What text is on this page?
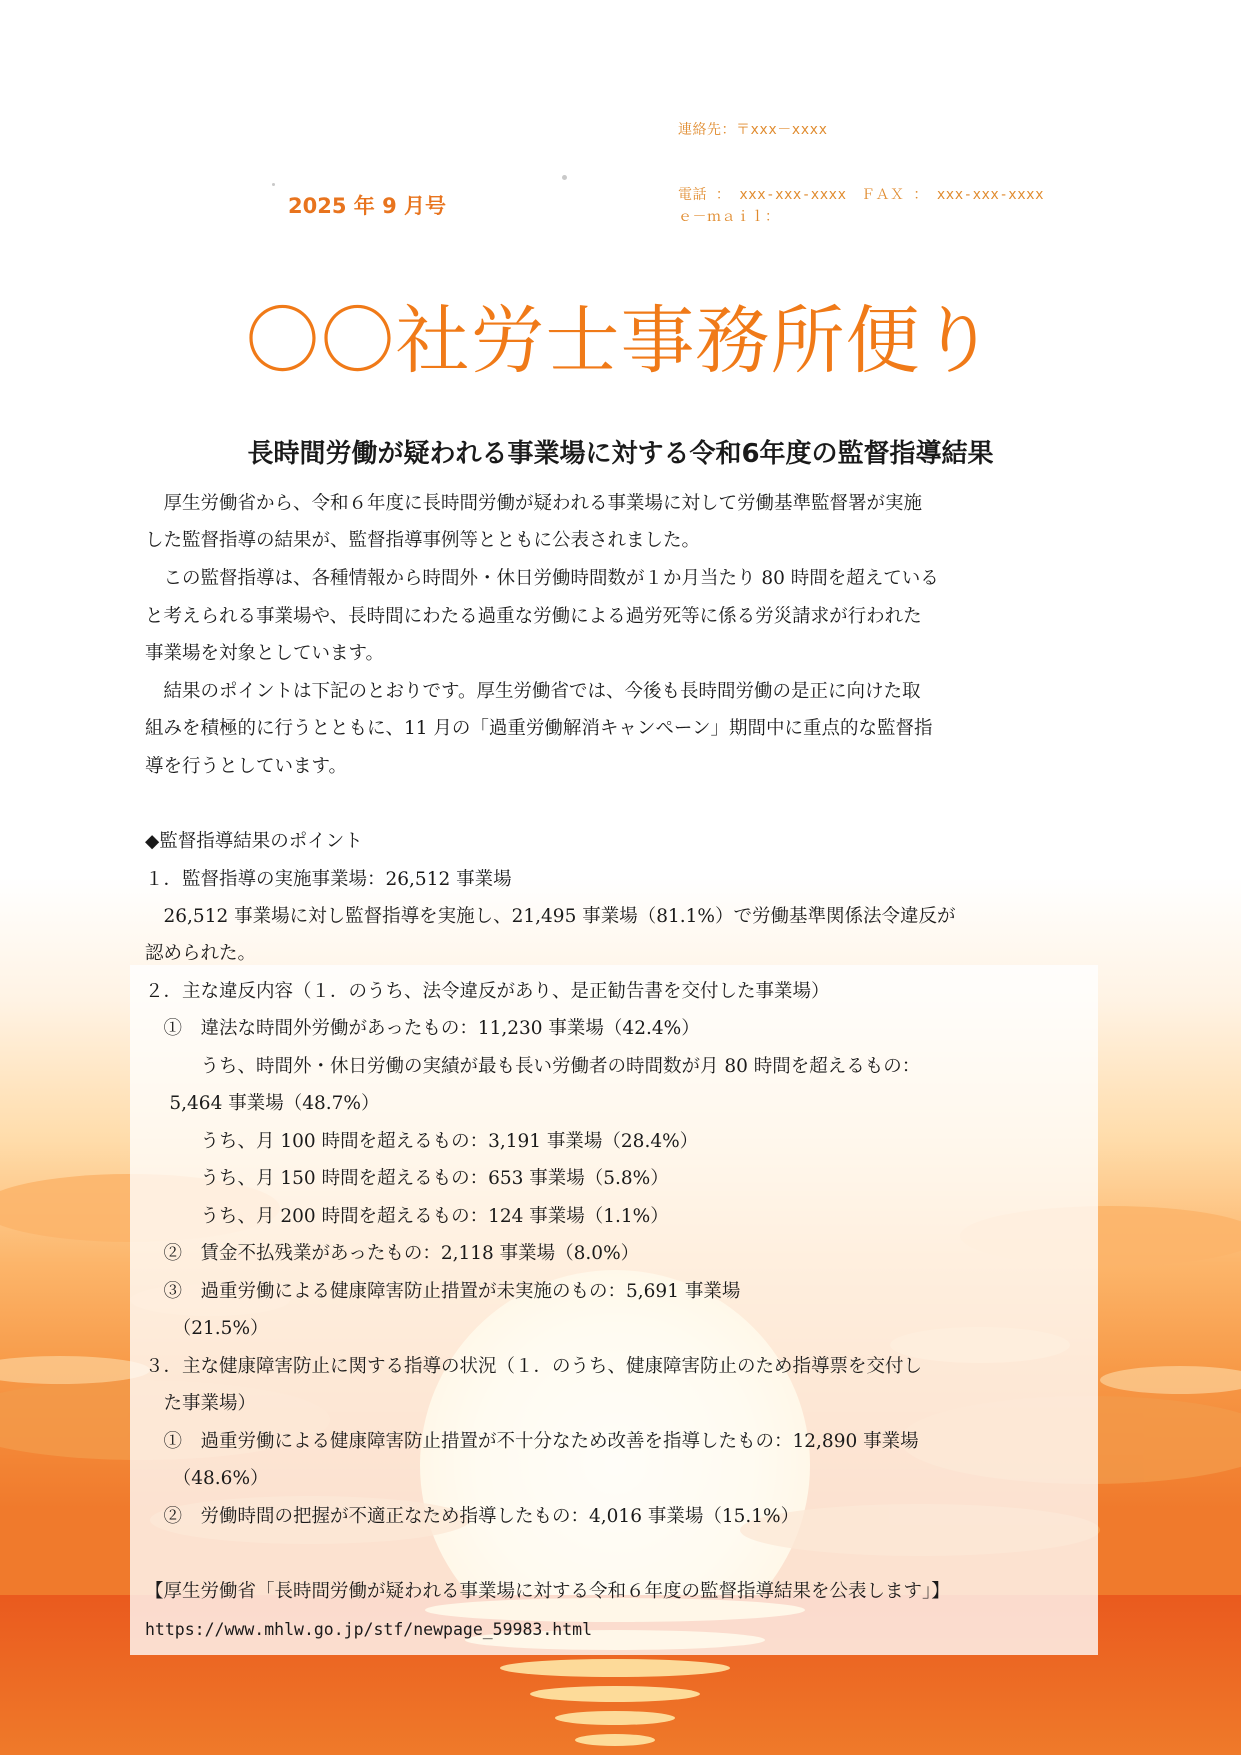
連絡先：〒xxx－xxxx
電話 ： xxx-xxx-xxxx　ＦＡＸ ： xxx-xxx-xxxx
ｅ－ｍａｉｌ：
2025 年 9 月号
〇〇社労士事務所便り
長時間労働が疑われる事業場に対する令和6年度の監督指導結果
　厚生労働省から、令和６年度に長時間労働が疑われる事業場に対して労働基準監督署が実施
した監督指導の結果が、監督指導事例等とともに公表されました。
　この監督指導は、各種情報から時間外・休日労働時間数が１か月当たり 80 時間を超えている
と考えられる事業場や、長時間にわたる過重な労働による過労死等に係る労災請求が行われた
事業場を対象としています。
　結果のポイントは下記のとおりです。厚生労働省では、今後も長時間労働の是正に向けた取
組みを積極的に行うとともに、11 月の「過重労働解消キャンペーン」期間中に重点的な監督指
導を行うとしています。
◆監督指導結果のポイント
１．監督指導の実施事業場：26,512 事業場
　26,512 事業場に対し監督指導を実施し、21,495 事業場（81.1%）で労働基準関係法令違反が
認められた。
２．主な違反内容（１．のうち、法令違反があり、是正勧告書を交付した事業場）
　①　違法な時間外労働があったもの：11,230 事業場（42.4%）
　　　うち、時間外・休日労働の実績が最も長い労働者の時間数が月 80 時間を超えるもの：
　 5,464 事業場（48.7%）
　　　うち、月 100 時間を超えるもの：3,191 事業場（28.4%）
　　　うち、月 150 時間を超えるもの：653 事業場（5.8%）
　　　うち、月 200 時間を超えるもの：124 事業場（1.1%）
　②　賃金不払残業があったもの：2,118 事業場（8.0%）
　③　過重労働による健康障害防止措置が未実施のもの：5,691 事業場
　　（21.5%）
３．主な健康障害防止に関する指導の状況（１．のうち、健康障害防止のため指導票を交付し
　た事業場）
　①　過重労働による健康障害防止措置が不十分なため改善を指導したもの：12,890 事業場
　　（48.6%）
　②　労働時間の把握が不適正なため指導したもの：4,016 事業場（15.1%）
【厚生労働省「長時間労働が疑われる事業場に対する令和６年度の監督指導結果を公表します」】
https://www.mhlw.go.jp/stf/newpage_59983.html
